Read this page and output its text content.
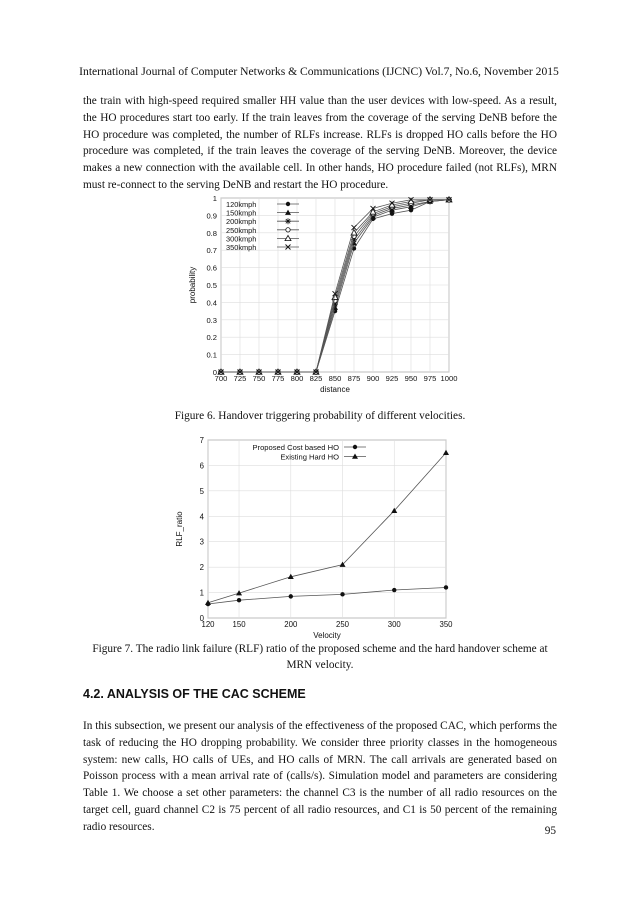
International Journal of Computer Networks & Communications (IJCNC) Vol.7, No.6, November 2015

the train with high-speed required smaller HH value than the user devices with low-speed. As a result, the HO procedures start too early. If the train leaves from the coverage of the serving DeNB before the HO procedure was completed, the number of RLFs increase. RLFs is dropped HO calls before the HO procedure was completed, if the train leaves the coverage of the serving DeNB. Moreover, the device makes a new connection with the available cell. In other hands, HO procedure failed (not RLFs), MRN must re-connect to the serving DeNB and restart the HO procedure.

700 725 750 775 800 825 850 875 900 925 950 975 1000
0
0.1
0.2
0.3
0.4
0.5
0.6
0.7
0.8
0.9
1
distance
probability
120kmph
150kmph
200kmph
250kmph
300kmph
350kmph

Figure 6. Handover triggering probability of different velocities.

120 150	200	250	300	350
0
1
2
3
4
5
6
7
Velocity
RLF_ratio
Proposed Cost based HO
Existing Hard HO

Figure 7. The radio link failure (RLF) ratio of the proposed scheme and the hard handover scheme at MRN velocity.

4.2. ANALYSIS OF THE CAC SCHEME

In this subsection, we present our analysis of the effectiveness of the proposed CAC, which performs the task of reducing the HO dropping probability. We consider three priority classes in the homogeneous system: new calls, HO calls of UEs, and HO calls of MRN. The call arrivals are generated based on Poisson process with a mean arrival rate of (calls/s). Simulation model and parameters are considering Table 1. We choose a set other parameters: the channel C3 is the number of all radio resources on the target cell, guard channel C2 is 75 percent of all radio resources, and C1 is 50 percent of the remaining radio resources.	95
